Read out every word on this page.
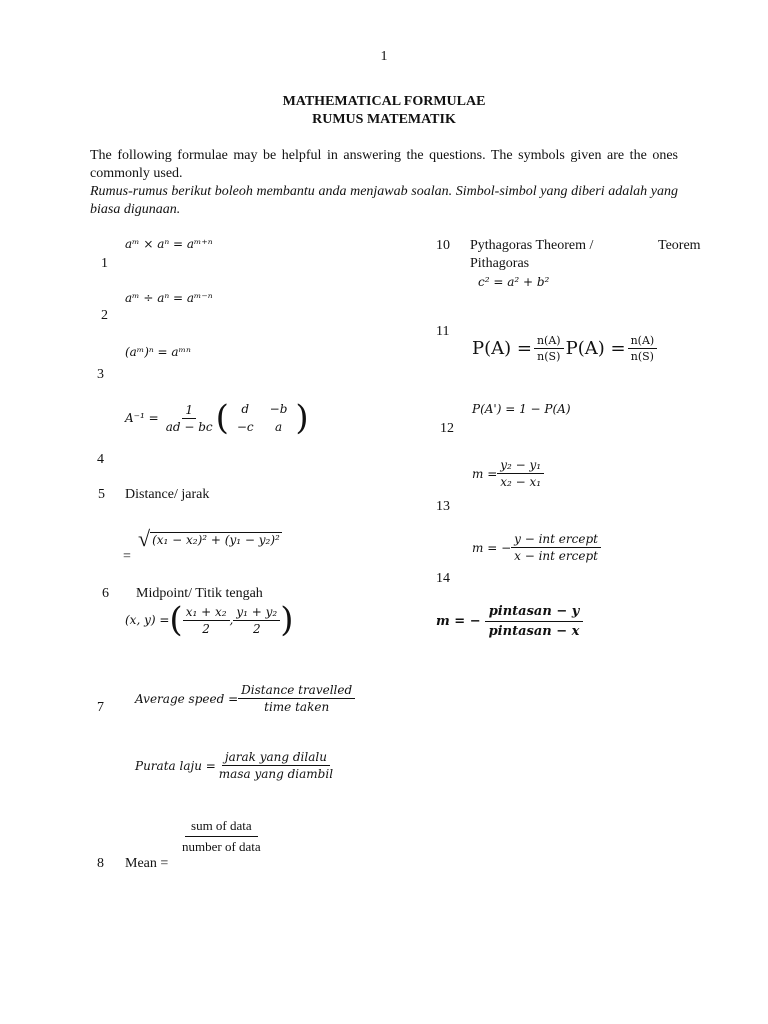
1
MATHEMATICAL FORMULAE
RUMUS MATEMATIK
The following formulae may be helpful in answering the questions. The symbols given are the ones commonly used.
Rumus-rumus berikut boleoh membantu anda menjawab soalan. Simbol-simbol yang diberi adalah yang biasa digunaan.
aᵐ × aⁿ = aᵐ⁺ⁿ
1
aᵐ ÷ aⁿ = aᵐ⁻ⁿ
2
(aᵐ)ⁿ = aᵐⁿ
3
$A^{-1} = \frac{1}{ad - bc}$ ( d	−b
−c	a )
4
5 Distance/ jarak
√ (x₁ − x₂)² + (y₁ − y₂)²
=
6 Midpoint/ Titik tengah
(x, y) = ( $\frac{\text{x₁ + x₂}}{2}$ , $\frac{\text{y₁ + y₂}}{2}$ )
7
Average speed = $\frac{\text{Distance travelled}}{\text{time taken}}$
Purata laju = $\frac{\text{jarak yang dilalu}}{\text{masa yang diambil}}$
$\frac{\text{sum of data}}{\text{number of data}}$
8 Mean =
10 Pythagoras Theorem /	Teorem
Pithagoras
c² = a² + b²
11
$P(A) = \frac{n(A)}{n(S)} P(A) = \frac{n(A)}{n(S)}$
P(A') = 1 − P(A)
12
$m = \frac{\text{y₂ − y₁}}{\text{x₂ − x₁}}$
13
m = − $\frac{\text{y − int ercept}}{\text{x − int ercept}}$
14
m = − $\frac{\text{pintasan − y}}{\text{pintasan − x}}$
